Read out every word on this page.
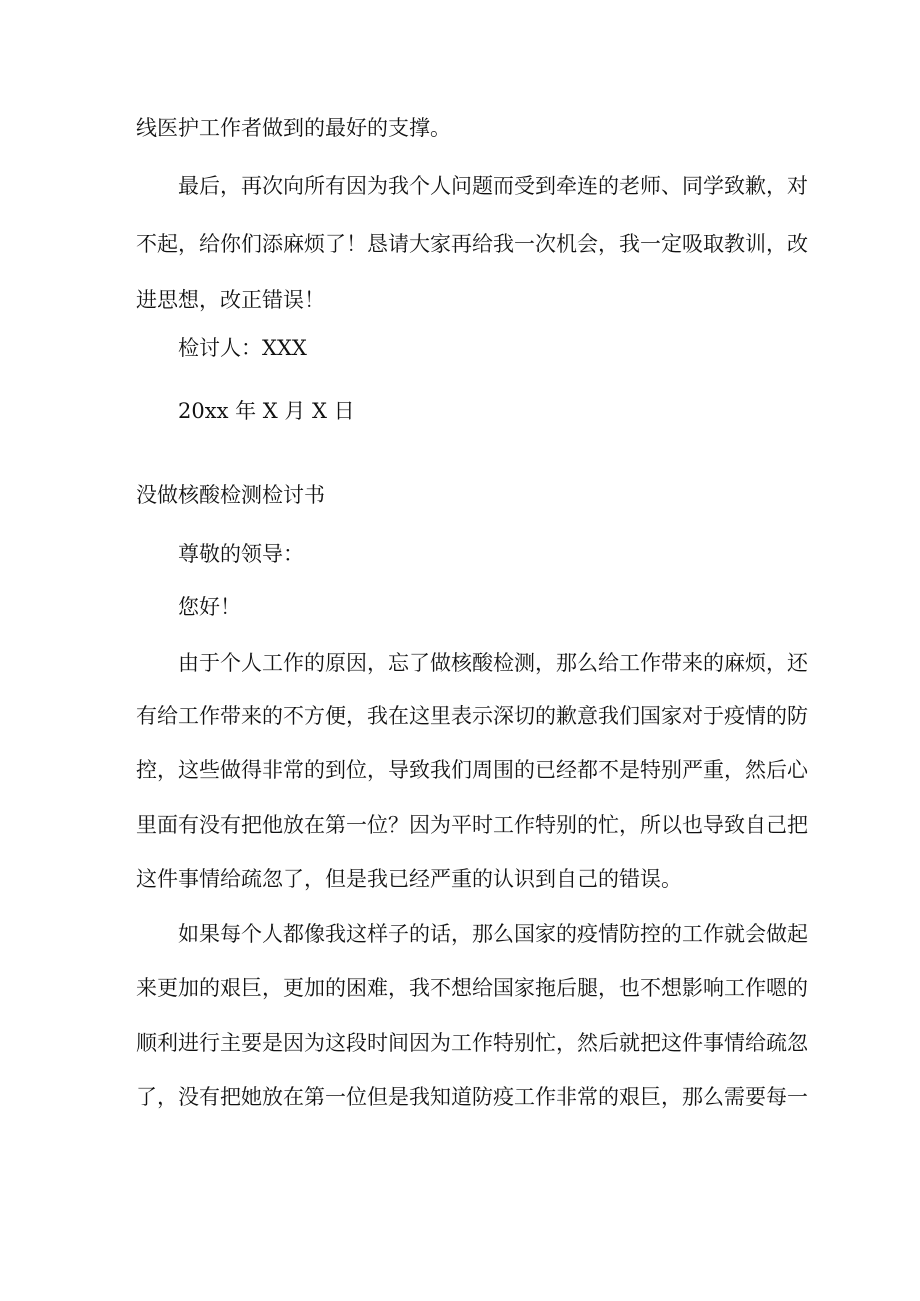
线医护工作者做到的最好的支撑。
最后，再次向所有因为我个人问题而受到牵连的老师、同学致歉，对
不起，给你们添麻烦了！恳请大家再给我一次机会，我一定吸取教训，改
进思想，改正错误！
检讨人：XXX
20xx 年 X 月 X 日
没做核酸检测检讨书
尊敬的领导：
您好！
由于个人工作的原因，忘了做核酸检测，那么给工作带来的麻烦，还
有给工作带来的不方便，我在这里表示深切的歉意我们国家对于疫情的防
控，这些做得非常的到位，导致我们周围的已经都不是特别严重，然后心
里面有没有把他放在第一位？因为平时工作特别的忙，所以也导致自己把
这件事情给疏忽了，但是我已经严重的认识到自己的错误。
如果每个人都像我这样子的话，那么国家的疫情防控的工作就会做起
来更加的艰巨，更加的困难，我不想给国家拖后腿，也不想影响工作嗯的
顺利进行主要是因为这段时间因为工作特别忙，然后就把这件事情给疏忽
了，没有把她放在第一位但是我知道防疫工作非常的艰巨，那么需要每一
